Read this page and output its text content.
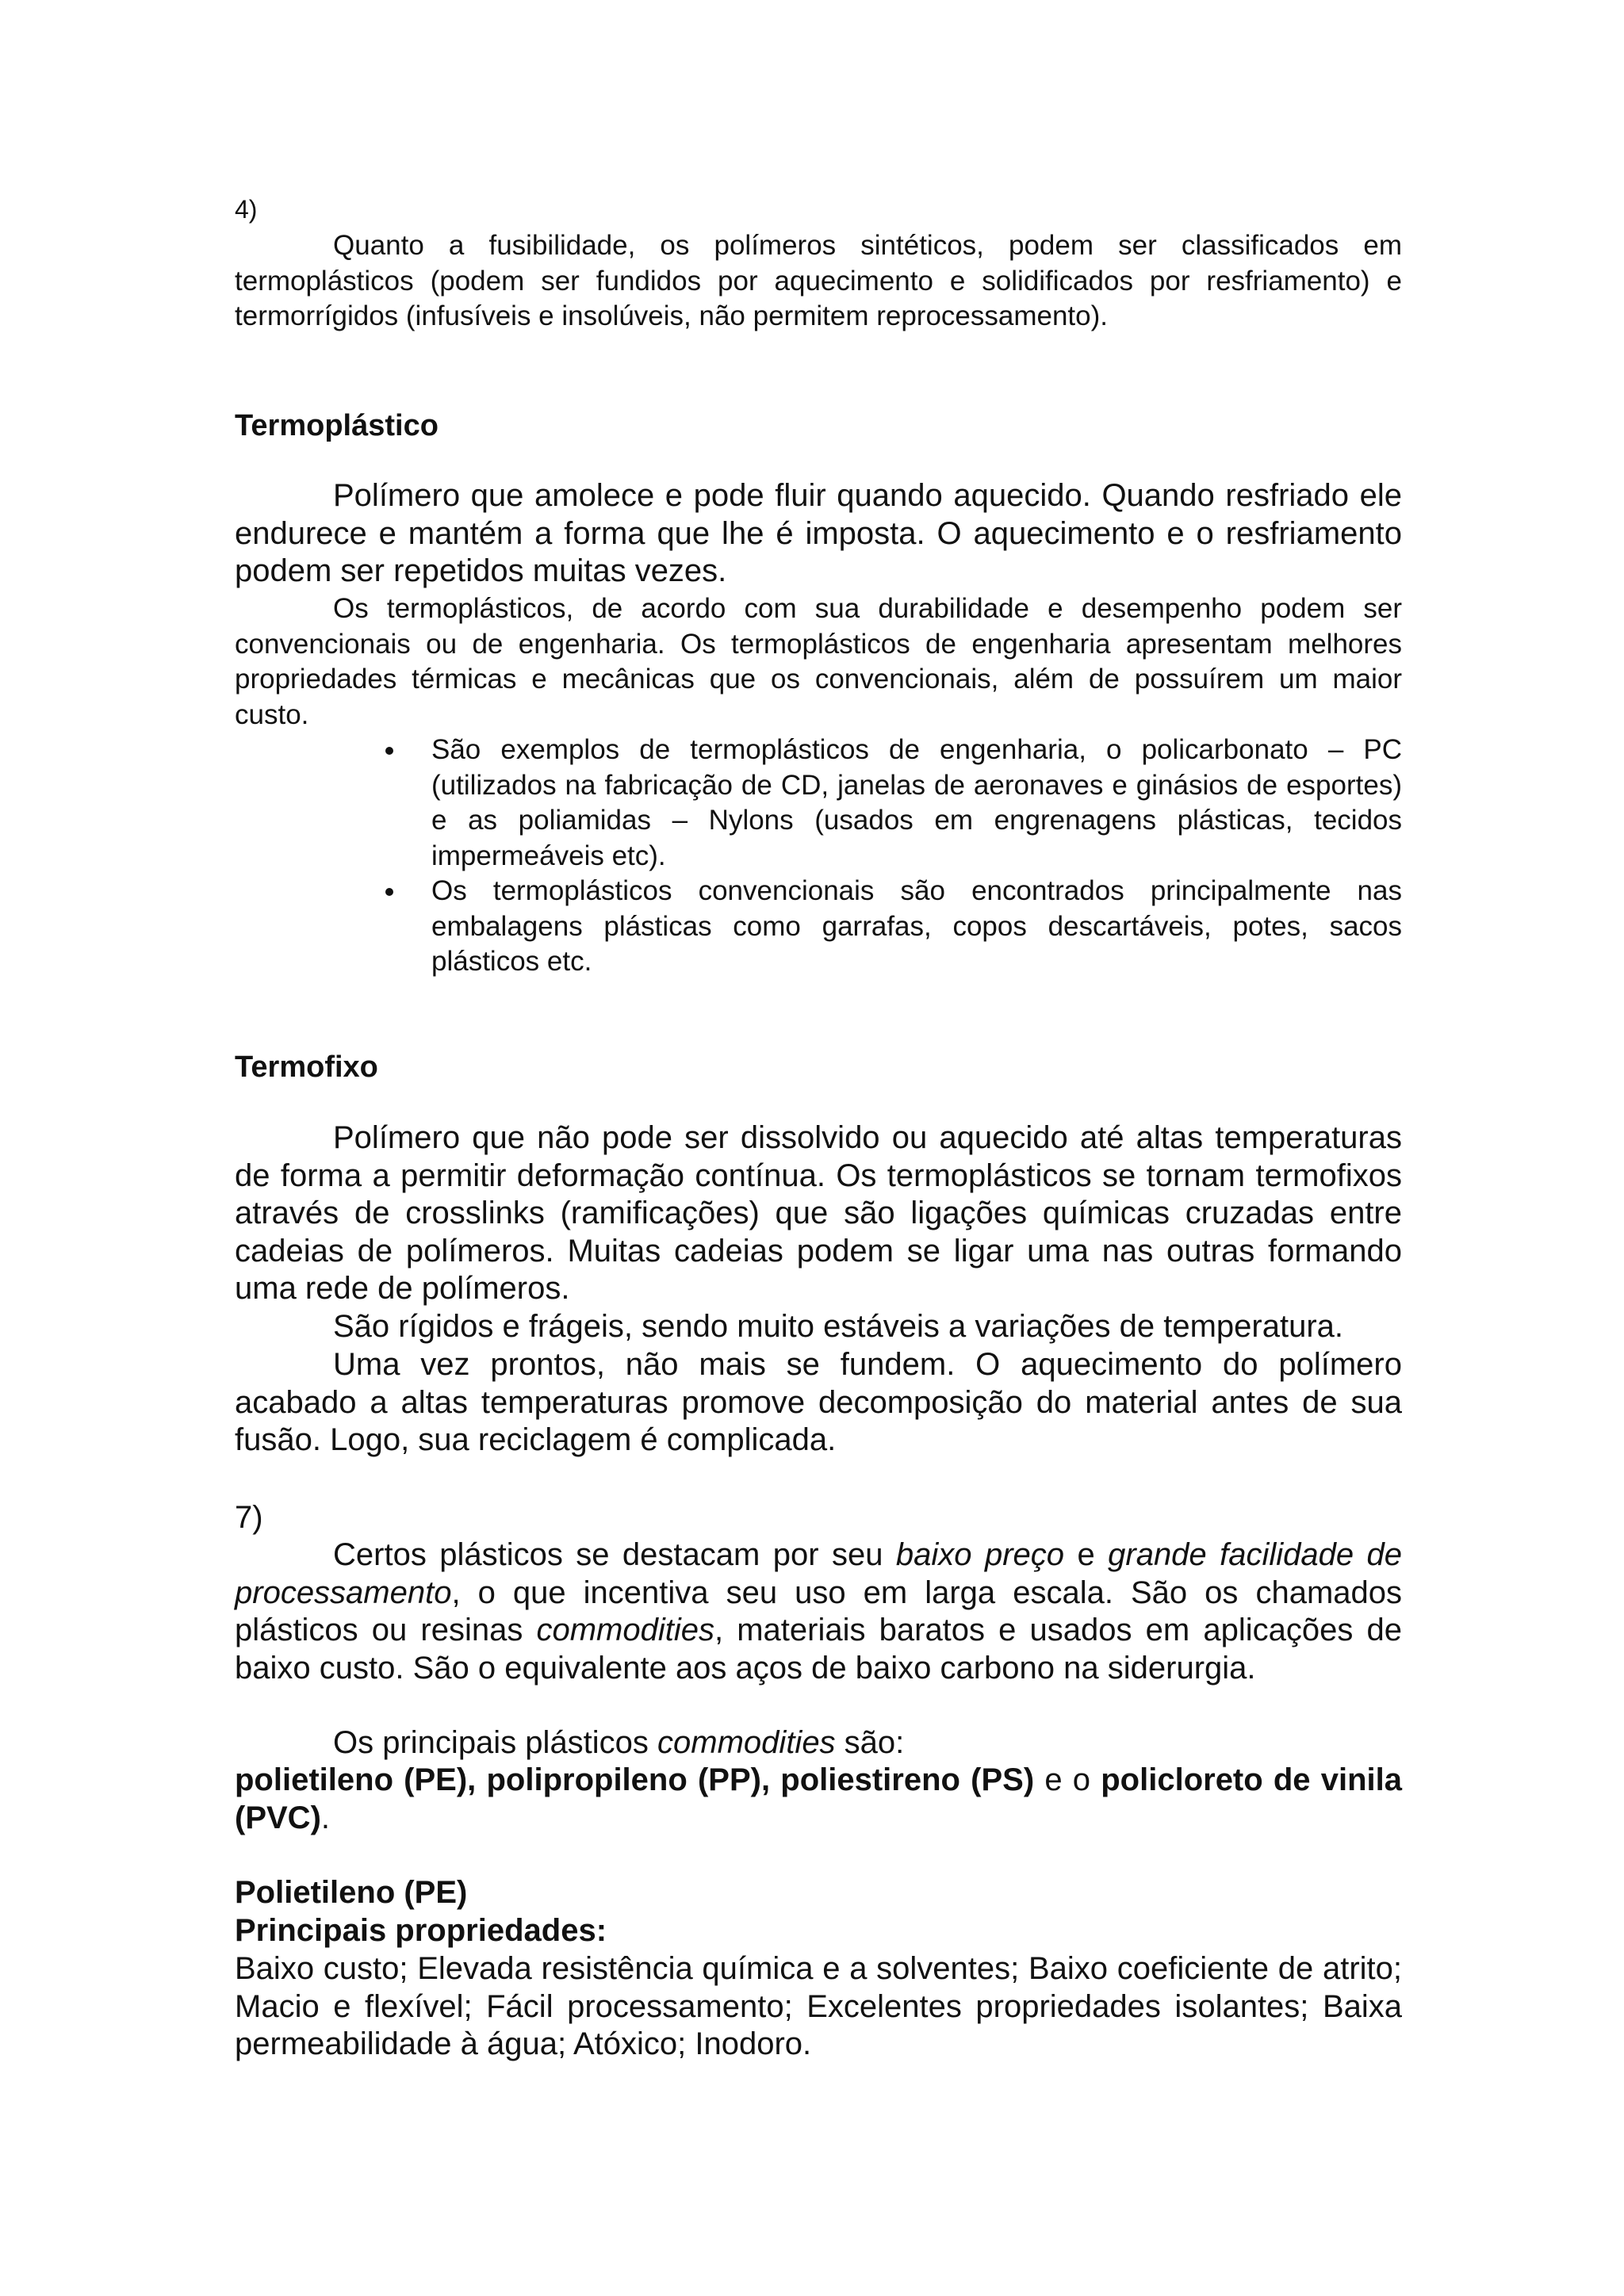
4)

Quanto a fusibilidade, os polímeros sintéticos, podem ser classificados em termoplásticos (podem ser fundidos por aquecimento e solidificados por resfriamento) e termorrígidos (infusíveis e insolúveis, não permitem reprocessamento).

Termoplástico

Polímero que amolece e pode fluir quando aquecido. Quando resfriado ele endurece e mantém a forma que lhe é imposta. O aquecimento e o resfriamento podem ser repetidos muitas vezes.

Os termoplásticos, de acordo com sua durabilidade e desempenho podem ser convencionais ou de engenharia. Os termoplásticos de engenharia apresentam melhores propriedades térmicas e mecânicas que os convencionais, além de possuírem um maior custo.

São exemplos de termoplásticos de engenharia, o policarbonato – PC (utilizados na fabricação de CD, janelas de aeronaves e ginásios de esportes) e as poliamidas – Nylons (usados em engrenagens plásticas, tecidos impermeáveis etc).
Os termoplásticos convencionais são encontrados principalmente nas embalagens plásticas como garrafas, copos descartáveis, potes, sacos plásticos etc.
Termofixo

Polímero que não pode ser dissolvido ou aquecido até altas temperaturas de forma a permitir deformação contínua. Os termoplásticos se tornam termofixos através de crosslinks (ramificações) que são ligações químicas cruzadas entre cadeias de polímeros. Muitas cadeias podem se ligar uma nas outras formando uma rede de polímeros.

São rígidos e frágeis, sendo muito estáveis a variações de temperatura.

Uma vez prontos, não mais se fundem. O aquecimento do polímero acabado a altas temperaturas promove decomposição do material antes de sua fusão. Logo, sua reciclagem é complicada.

7)

Certos plásticos se destacam por seu baixo preço e grande facilidade de processamento, o que incentiva seu uso em larga escala. São os chamados plásticos ou resinas commodities, materiais baratos e usados em aplicações de baixo custo. São o equivalente aos aços de baixo carbono na siderurgia.

Os principais plásticos commodities são:

polietileno (PE), polipropileno (PP), poliestireno (PS) e o policloreto de vinila (PVC).

Polietileno (PE)
Principais propriedades:

Baixo custo; Elevada resistência química e a solventes; Baixo coeficiente de atrito; Macio e flexível; Fácil processamento; Excelentes propriedades isolantes; Baixa permeabilidade à água; Atóxico; Inodoro.
